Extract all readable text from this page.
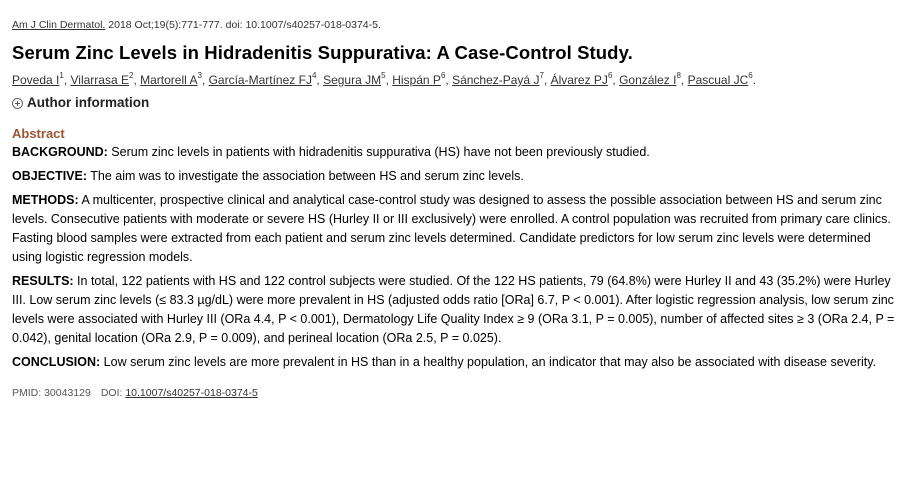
Am J Clin Dermatol. 2018 Oct;19(5):771-777. doi: 10.1007/s40257-018-0374-5.
Serum Zinc Levels in Hidradenitis Suppurativa: A Case-Control Study.
Poveda $I^1$, Vilarrasa $E^2$, Martorell $A^3$, García-Martínez $FJ^4$, Segura $JM^5$, Hispán $P^6$, Sánchez-Payá $J^7$, Álvarez $PJ^6$, González $I^8$, Pascual $JC^6$.
Author information
Abstract

BACKGROUND: Serum zinc levels in patients with hidradenitis suppurativa (HS) have not been previously studied.

OBJECTIVE: The aim was to investigate the association between HS and serum zinc levels.

METHODS: A multicenter, prospective clinical and analytical case-control study was designed to assess the possible association between HS and serum zinc levels. Consecutive patients with moderate or severe HS (Hurley II or III exclusively) were enrolled. A control population was recruited from primary care clinics. Fasting blood samples were extracted from each patient and serum zinc levels determined. Candidate predictors for low serum zinc levels were determined using logistic regression models.

RESULTS: In total, 122 patients with HS and 122 control subjects were studied. Of the 122 HS patients, 79 (64.8%) were Hurley II and 43 (35.2%) were Hurley III. Low serum zinc levels (≤ 83.3 µg/dL) were more prevalent in HS (adjusted odds ratio [ORa] 6.7, P < 0.001). After logistic regression analysis, low serum zinc levels were associated with Hurley III (ORa 4.4, P < 0.001), Dermatology Life Quality Index ≥ 9 (ORa 3.1, P = 0.005), number of affected sites ≥ 3 (ORa 2.4, P = 0.042), genital location (ORa 2.9, P = 0.009), and perineal location (ORa 2.5, P = 0.025).

CONCLUSION: Low serum zinc levels are more prevalent in HS than in a healthy population, an indicator that may also be associated with disease severity.

PMID: 30043129 DOI: 10.1007/s40257-018-0374-5
